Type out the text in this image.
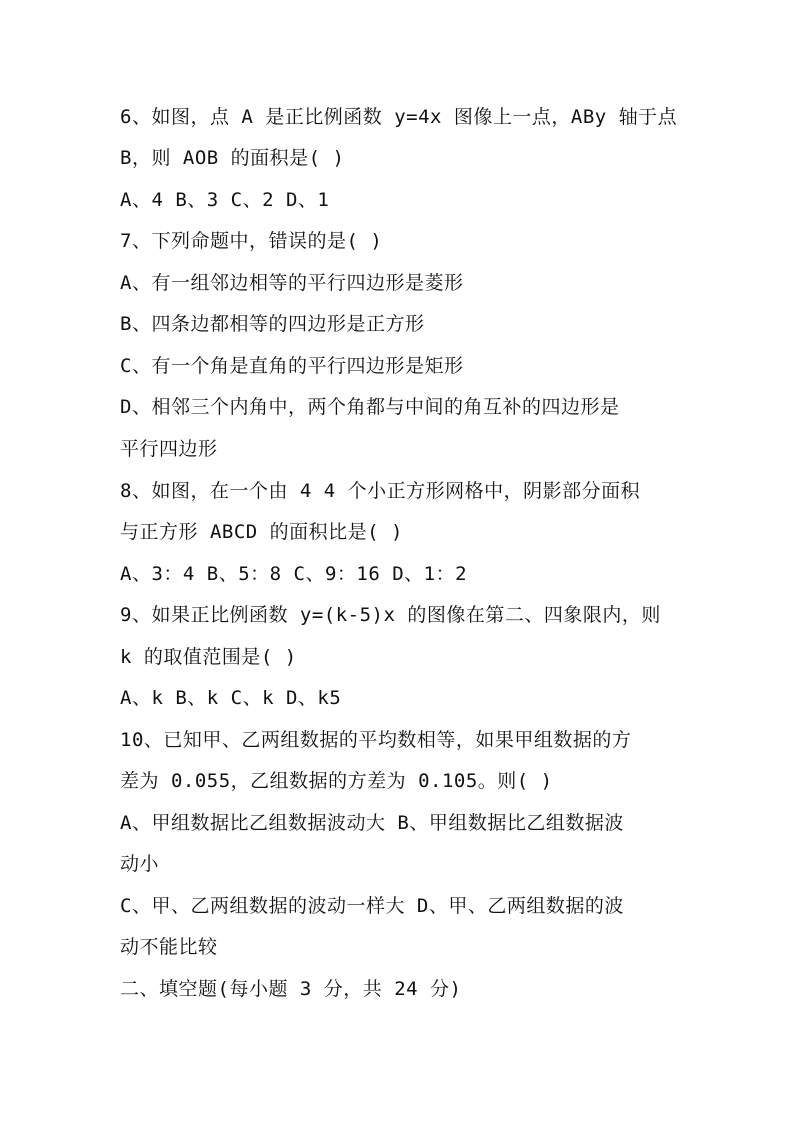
6、如图，点 A 是正比例函数 y=4x 图像上一点，ABy 轴于点
B，则 AOB 的面积是( )
A、4 B、3 C、2 D、1
7、下列命题中，错误的是( )
A、有一组邻边相等的平行四边形是菱形
B、四条边都相等的四边形是正方形
C、有一个角是直角的平行四边形是矩形
D、相邻三个内角中，两个角都与中间的角互补的四边形是
平行四边形
8、如图，在一个由 4 4 个小正方形网格中，阴影部分面积
与正方形 ABCD 的面积比是( )
A、3：4 B、5：8 C、9：16 D、1：2
9、如果正比例函数 y=(k-5)x 的图像在第二、四象限内，则
k 的取值范围是( )
A、k B、k C、k D、k5
10、已知甲、乙两组数据的平均数相等，如果甲组数据的方
差为 0.055，乙组数据的方差为 0.105。则( )
A、甲组数据比乙组数据波动大 B、甲组数据比乙组数据波
动小
C、甲、乙两组数据的波动一样大 D、甲、乙两组数据的波
动不能比较
二、填空题(每小题 3 分，共 24 分)
